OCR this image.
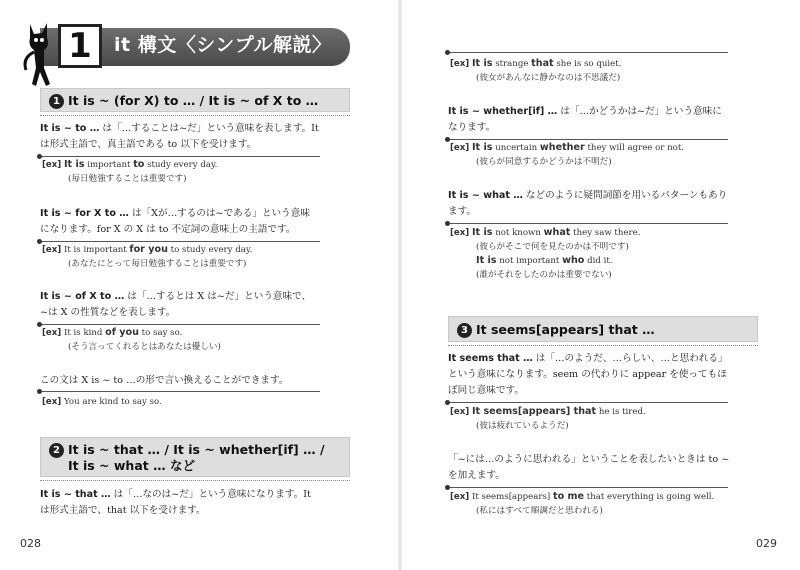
1	it 構文〈シンプル解説〉
1 It is ~ (for X) to … / It is ~ of X to …
It is ~ to … は「…することは~だ」という意味を表します。It
は形式主語で、真主語である to 以下を受けます。
[ex] It is important to study every day.
(毎日勉強することは重要です)
It is ~ for X to … は「Xが…するのは~である」という意味
になります。for X の X は to 不定詞の意味上の主語です。
[ex] It is important for you to study every day.
(あなたにとって毎日勉強することは重要です)
It is ~ of X to … は「…するとは X は~だ」という意味で、
~は X の性質などを表します。
[ex] It is kind of you to say so.
(そう言ってくれるとはあなたは優しい)
この文は X is ~ to …の形で言い換えることができます。
[ex] You are kind to say so.
2 It is ~ that … / It is ~ whether[if] … /
It is ~ what … など
It is ~ that … は「…なのは~だ」という意味になります。It
は形式主語で、that 以下を受けます。
028
[ex] It is strange that she is so quiet.
(彼女があんなに静かなのは不思議だ)
It is ~ whether[if] … は「…かどうかは~だ」という意味に
なります。
[ex] It is uncertain whether they will agree or not.
(彼らが同意するかどうかは不明だ)
It is ~ what … などのように疑問詞節を用いるパターンもあり
ます。
[ex] It is not known what they saw there.
(彼らがそこで何を見たのかは不明です)
It is not important who did it.
(誰がそれをしたのかは重要でない)
3 It seems[appears] that …
It seems that … は「…のようだ、…らしい、…と思われる」
という意味になります。seem の代わりに appear を使ってもほ
ぼ同じ意味です。
[ex] It seems[appears] that he is tired.
(彼は疲れているようだ)
「~には…のように思われる」ということを表したいときは to ~
を加えます。
[ex] It seems[appears] to me that everything is going well.
(私にはすべて順調だと思われる)
029
